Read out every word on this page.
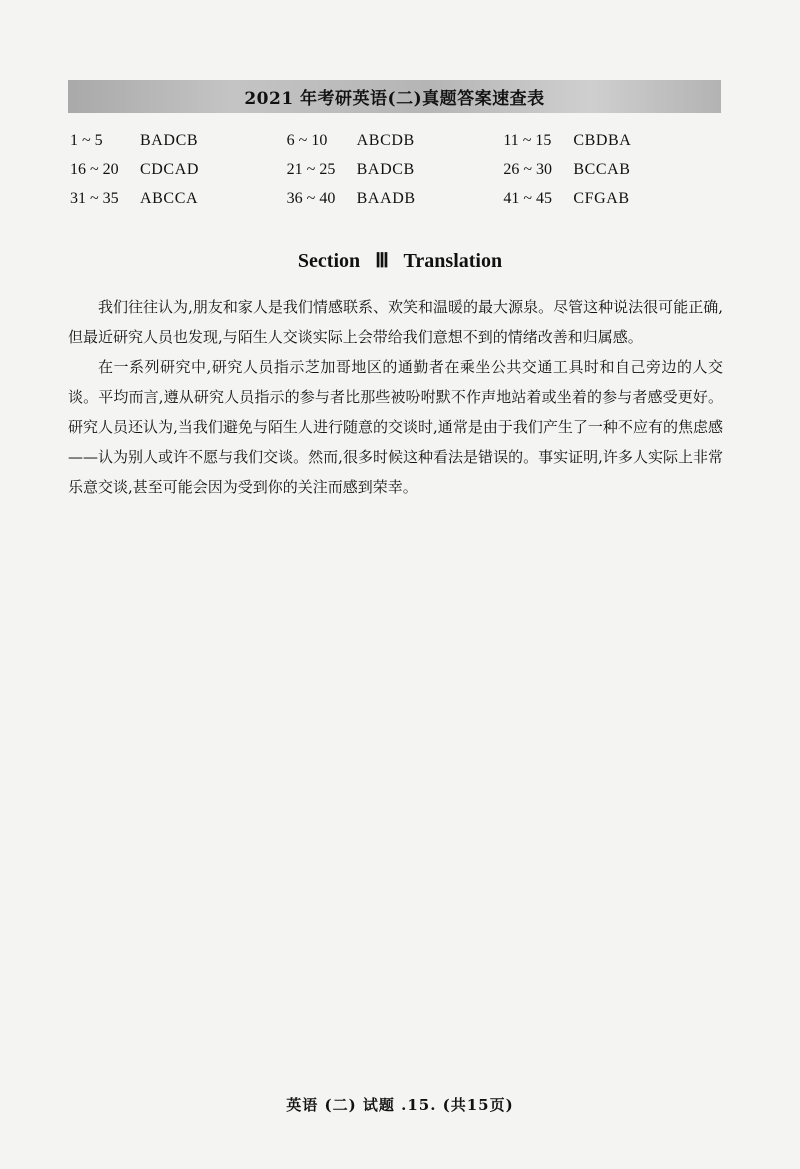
2021 年考研英语(二)真题答案速查表
1 ~ 5	BADCB	6 ~ 10	ABCDB	11 ~ 15	CBDBA
16 ~ 20	CDCAD	21 ~ 25	BADCB	26 ~ 30	BCCAB
31 ~ 35	ABCCA	36 ~ 40	BAADB	41 ~ 45	CFGAB
Section Ⅲ Translation

我们往往认为,朋友和家人是我们情感联系、欢笑和温暖的最大源泉。尽管这种说法很可能正确,但最近研究人员也发现,与陌生人交谈实际上会带给我们意想不到的情绪改善和归属感。

在一系列研究中,研究人员指示芝加哥地区的通勤者在乘坐公共交通工具时和自己旁边的人交谈。平均而言,遵从研究人员指示的参与者比那些被吩咐默不作声地站着或坐着的参与者感受更好。研究人员还认为,当我们避免与陌生人进行随意的交谈时,通常是由于我们产生了一种不应有的焦虑感——认为别人或许不愿与我们交谈。然而,很多时候这种看法是错误的。事实证明,许多人实际上非常乐意交谈,甚至可能会因为受到你的关注而感到荣幸。

英语 (二) 试题 .15. (共15页)
